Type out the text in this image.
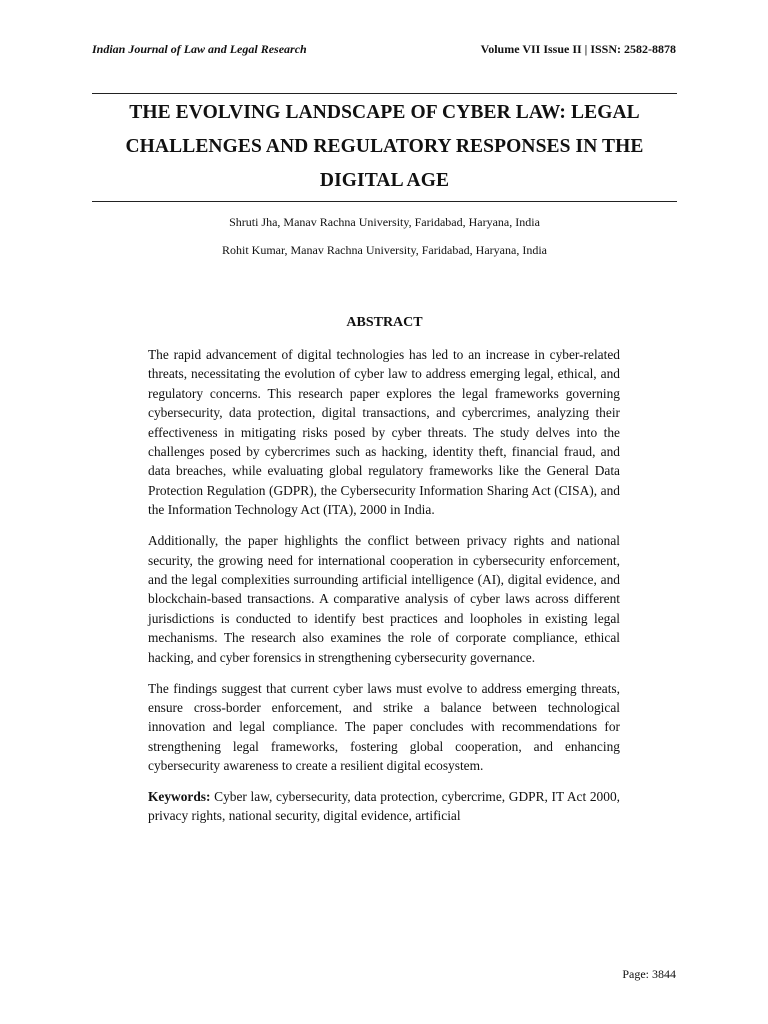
Indian Journal of Law and Legal Research	Volume VII Issue II | ISSN: 2582-8878
THE EVOLVING LANDSCAPE OF CYBER LAW: LEGAL CHALLENGES AND REGULATORY RESPONSES IN THE DIGITAL AGE
Shruti Jha, Manav Rachna University, Faridabad, Haryana, India
Rohit Kumar, Manav Rachna University, Faridabad, Haryana, India
ABSTRACT

The rapid advancement of digital technologies has led to an increase in cyber-related threats, necessitating the evolution of cyber law to address emerging legal, ethical, and regulatory concerns. This research paper explores the legal frameworks governing cybersecurity, data protection, digital transactions, and cybercrimes, analyzing their effectiveness in mitigating risks posed by cyber threats. The study delves into the challenges posed by cybercrimes such as hacking, identity theft, financial fraud, and data breaches, while evaluating global regulatory frameworks like the General Data Protection Regulation (GDPR), the Cybersecurity Information Sharing Act (CISA), and the Information Technology Act (ITA), 2000 in India.

Additionally, the paper highlights the conflict between privacy rights and national security, the growing need for international cooperation in cybersecurity enforcement, and the legal complexities surrounding artificial intelligence (AI), digital evidence, and blockchain-based transactions. A comparative analysis of cyber laws across different jurisdictions is conducted to identify best practices and loopholes in existing legal mechanisms. The research also examines the role of corporate compliance, ethical hacking, and cyber forensics in strengthening cybersecurity governance.

The findings suggest that current cyber laws must evolve to address emerging threats, ensure cross-border enforcement, and strike a balance between technological innovation and legal compliance. The paper concludes with recommendations for strengthening legal frameworks, fostering global cooperation, and enhancing cybersecurity awareness to create a resilient digital ecosystem.

Keywords: Cyber law, cybersecurity, data protection, cybercrime, GDPR, IT Act 2000, privacy rights, national security, digital evidence, artificial

Page: 3844
